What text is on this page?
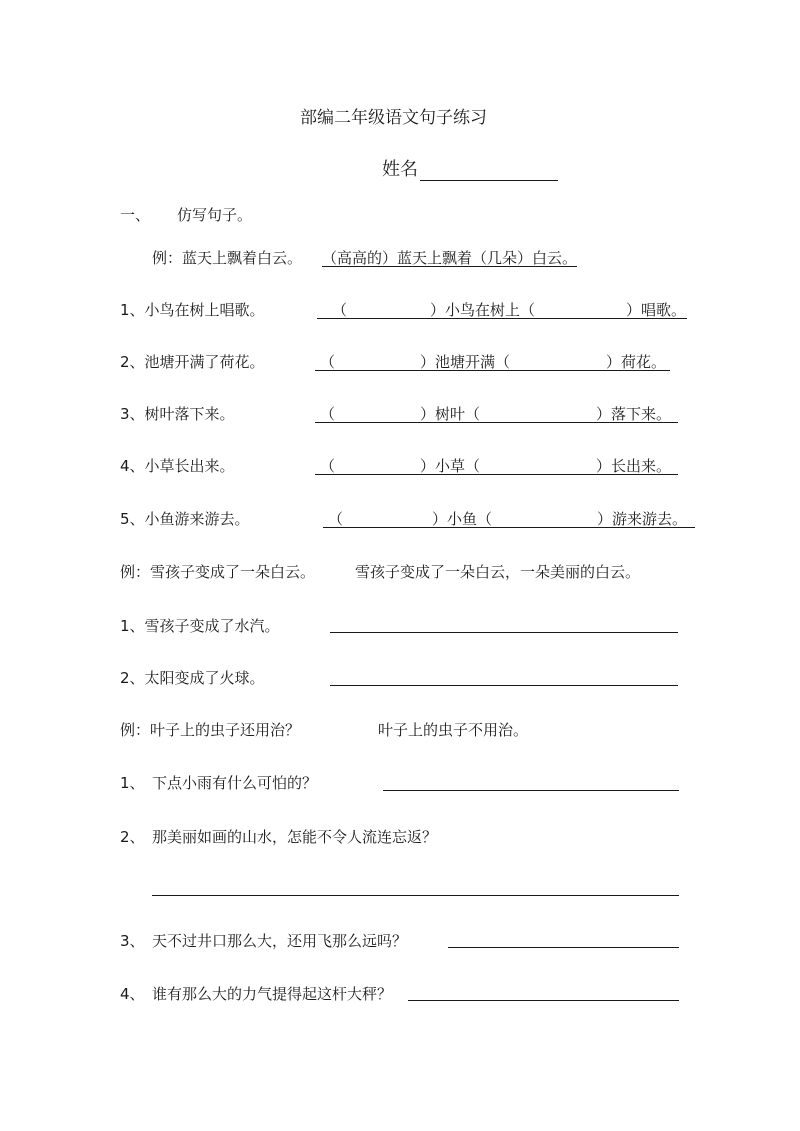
部编二年级语文句子练习
姓名
一、 仿写句子。
例：蓝天上飘着白云。 （高高的）蓝天上飘着（几朵）白云。
1、小鸟在树上唱歌。	（	）小鸟在树上（	）唱歌。
2、池塘开满了荷花。	（	）池塘开满（	）荷花。
3、树叶落下来。	（	）树叶（	）落下来。
4、小草长出来。	（	）小草（	）长出来。
5、小鱼游来游去。	（	）小鱼（	）游来游去。
例：雪孩子变成了一朵白云。	雪孩子变成了一朵白云，一朵美丽的白云。
1、雪孩子变成了水汽。
2、太阳变成了火球。
例：叶子上的虫子还用治？	叶子上的虫子不用治。
1、 下点小雨有什么可怕的？
2、 那美丽如画的山水，怎能不令人流连忘返？
3、 天不过井口那么大，还用飞那么远吗？
4、 谁有那么大的力气提得起这杆大秤？
